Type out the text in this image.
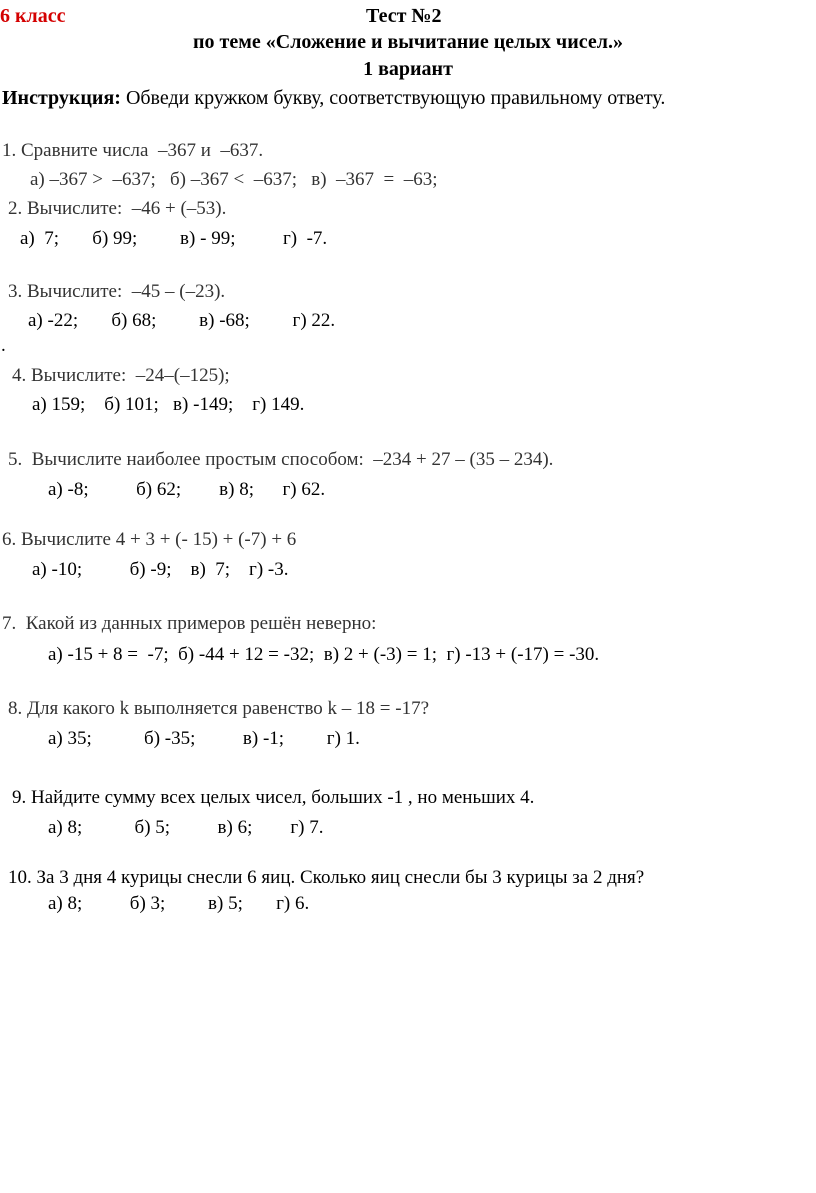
6 класс	Тест №2
по теме «Сложение и вычитание целых чисел.»
1 вариант
Инструкция: Обведи кружком букву, соответствующую правильному ответу.
1. Сравните числа  –367 и  –637.
а) –367 >  –637;   б) –367 <  –637;   в)  –367  =  –63;
2. Вычислите:  –46 + (–53).
а)  7;       б) 99;         в) - 99;          г)  -7.
3. Вычислите:  –45 – (–23).
а) -22;       б) 68;         в) -68;         г) 22.
.
4. Вычислите:  –24–(–125);
а) 159;    б) 101;   в) -149;    г) 149.
5.  Вычислите наиболее простым способом:  –234 + 27 – (35 – 234).
а) -8;          б) 62;        в) 8;      г) 62.
6. Вычислите 4 + 3 + (- 15) + (-7) + 6
а) -10;          б) -9;    в)  7;    г) -3.
7.  Какой из данных примеров решён неверно:
а) -15 + 8 =  -7;  б) -44 + 12 = -32;  в) 2 + (-3) = 1;  г) -13 + (-17) = -30.
8. Для какого k выполняется равенство k – 18 = -17?
а) 35;           б) -35;          в) -1;         г) 1.
9. Найдите сумму всех целых чисел, больших -1 , но меньших 4.
а) 8;           б) 5;          в) 6;        г) 7.
10. За 3 дня 4 курицы снесли 6 яиц. Сколько яиц снесли бы 3 курицы за 2 дня?
а) 8;          б) 3;         в) 5;       г) 6.
